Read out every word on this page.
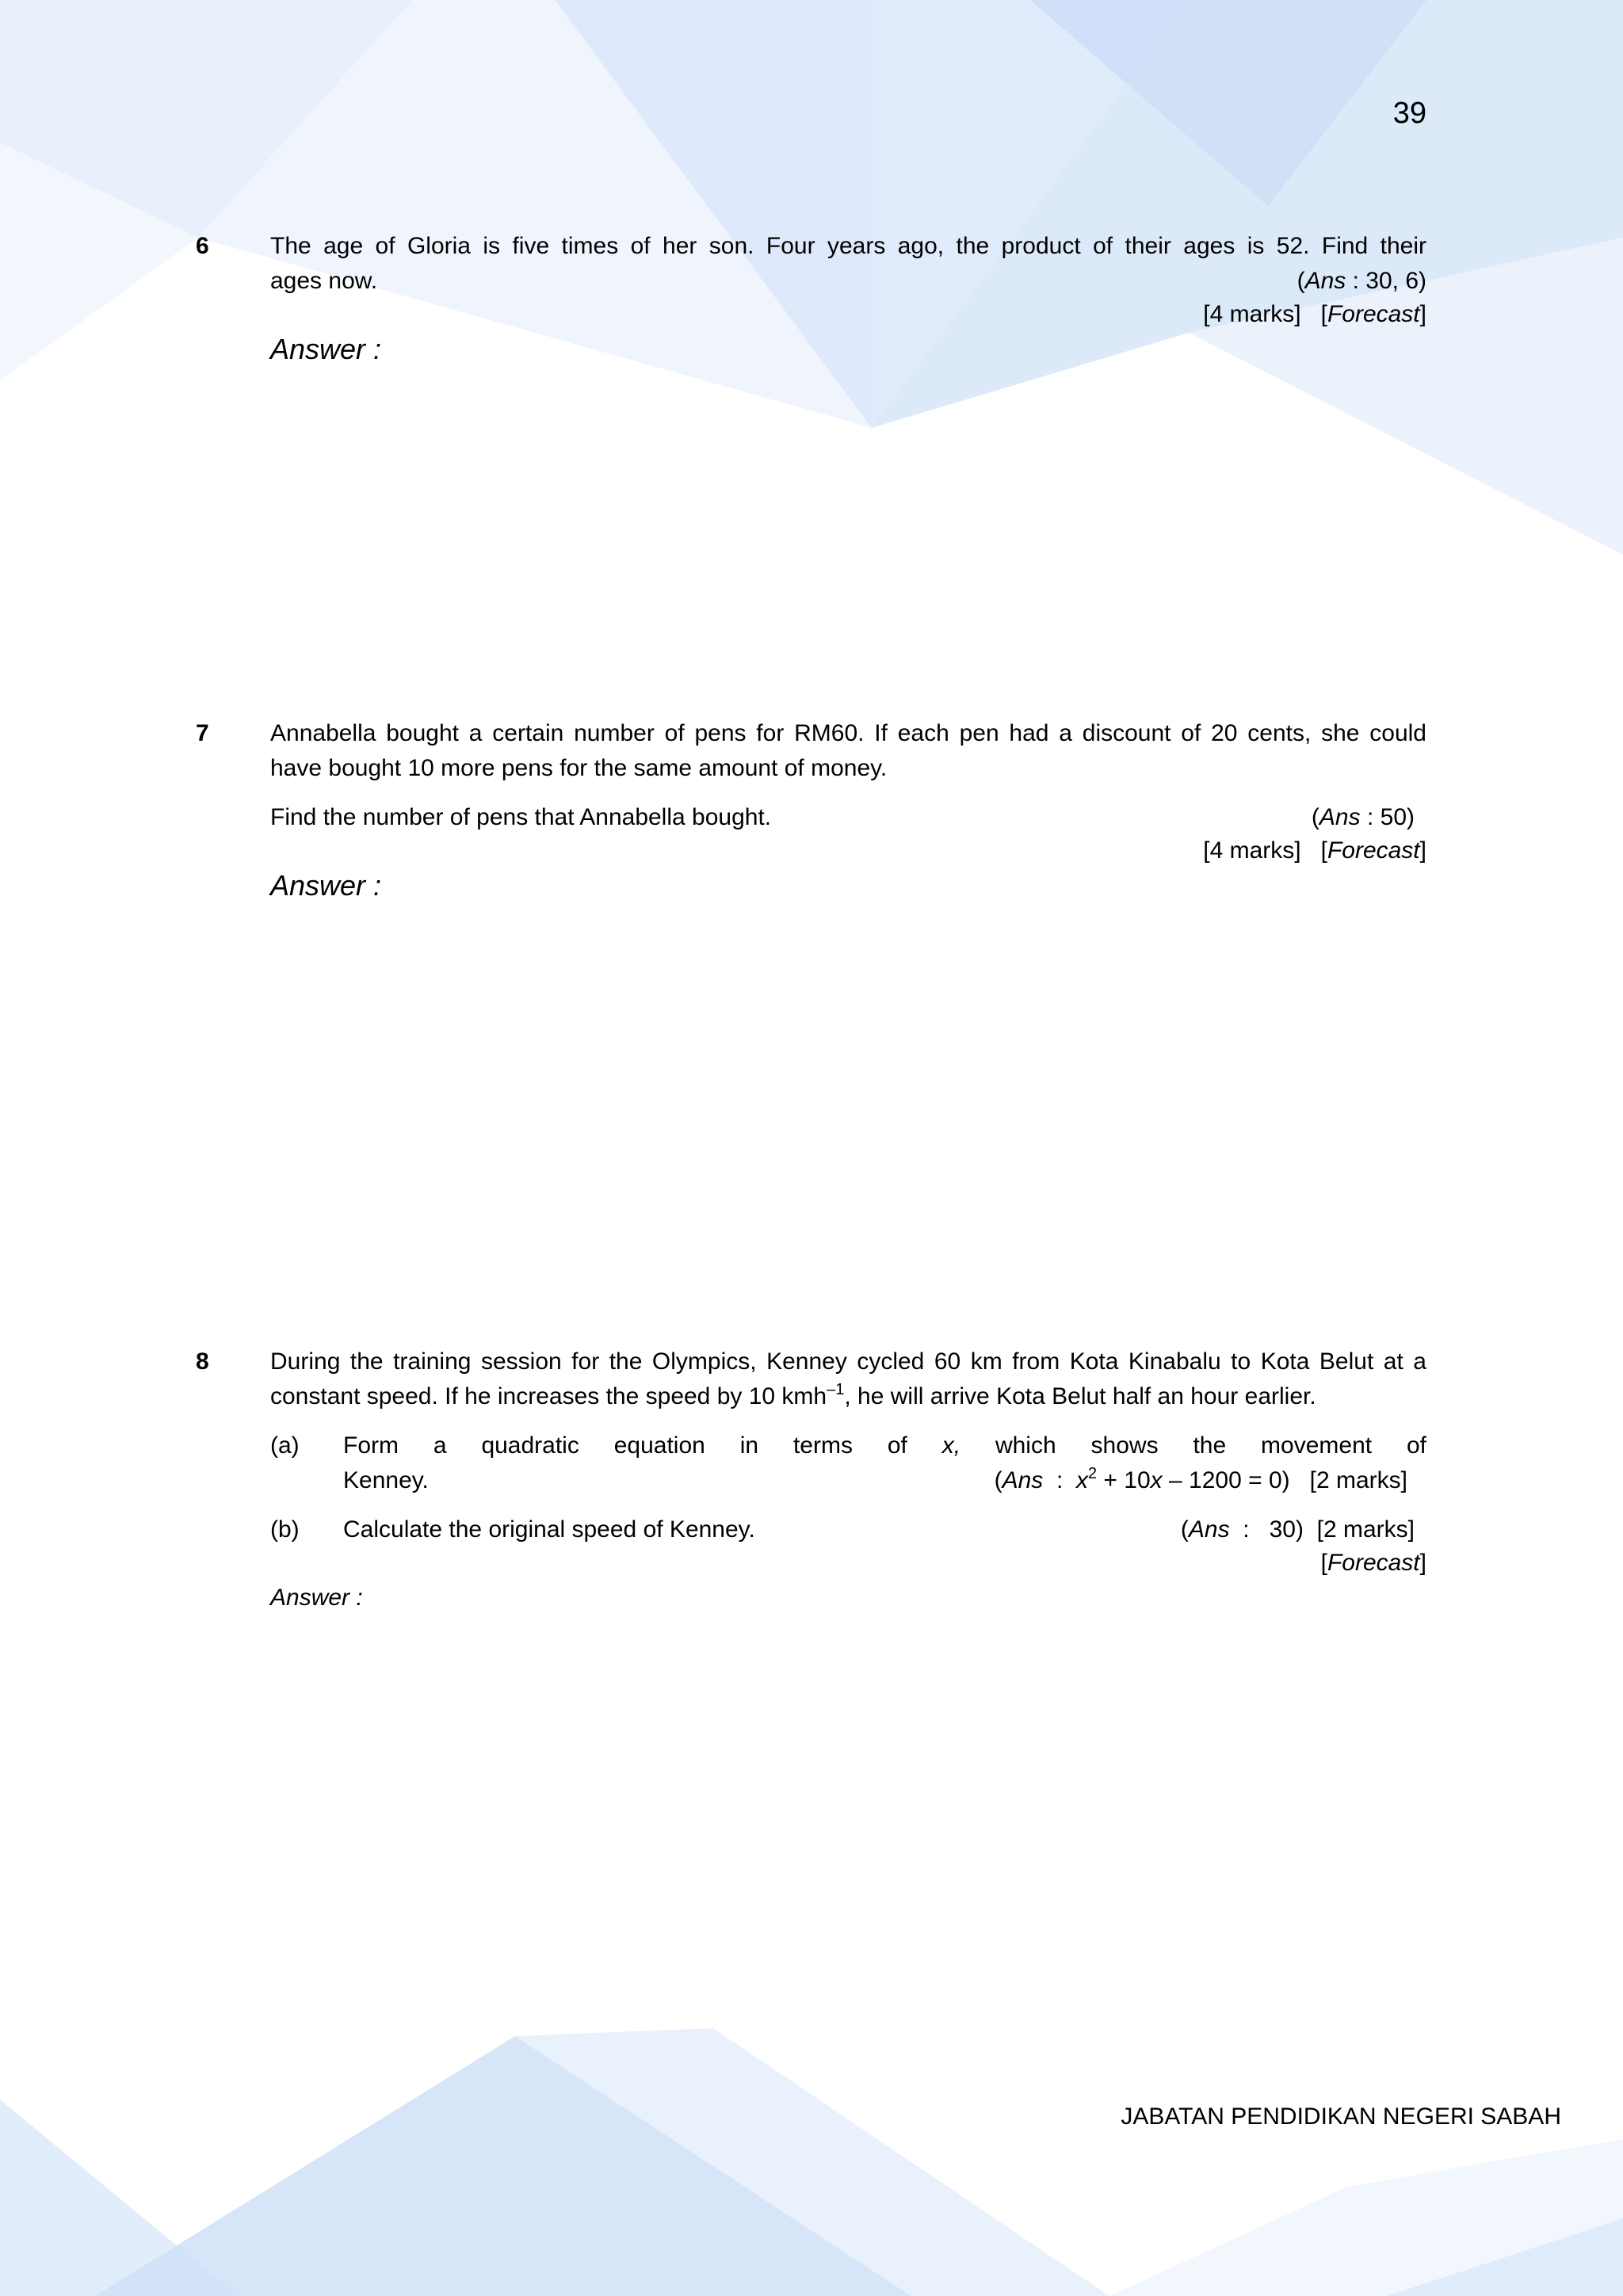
39
6	The age of Gloria is five times of her son. Four years ago, the product of their ages is 52. Find their
ages now.	(Ans : 30, 6)
[4 marks]   [Forecast]
Answer :
7	Annabella bought a certain number of pens for RM60. If each pen had a discount of 20 cents, she could
have bought 10 more pens for the same amount of money.
Find the number of pens that Annabella bought.	(Ans : 50)
[4 marks]   [Forecast]
Answer :
8	During the training session for the Olympics, Kenney cycled 60 km from Kota Kinabalu to Kota Belut at a
constant speed. If he increases the speed by 10 kmh$^{-1}$, he will arrive Kota Belut half an hour earlier.
(a) Form a quadratic equation in terms of x, which shows the movement of
Kenney.	(Ans  :  $x^2 + 10x - 1200 = 0$) [2 marks]
(b) Calculate the original speed of Kenney.	(Ans  :   30) [2 marks]
[Forecast]
Answer :
JABATAN PENDIDIKAN NEGERI SABAH
